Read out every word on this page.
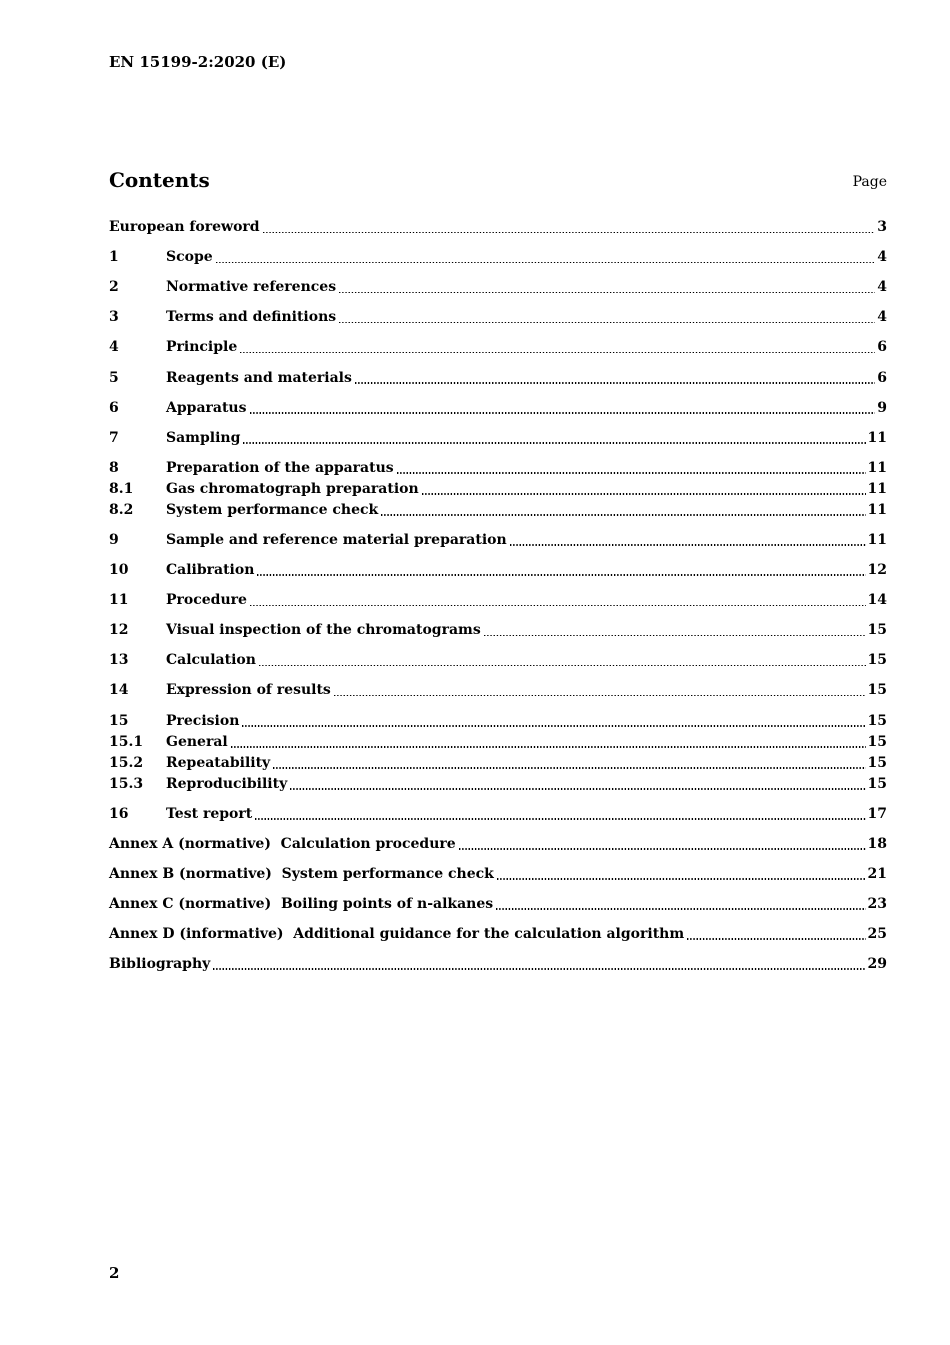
EN 15199-2:2020 (E)
Contents	Page
European foreword	3
1	Scope	4
2	Normative references	4
3	Terms and definitions	4
4	Principle	6
5	Reagents and materials	6
6	Apparatus	9
7	Sampling	11
8	Preparation of the apparatus	11
8.1	Gas chromatograph preparation	11
8.2	System performance check	11
9	Sample and reference material preparation	11
10	Calibration	12
11	Procedure	14
12	Visual inspection of the chromatograms	15
13	Calculation	15
14	Expression of results	15
15	Precision	15
15.1	General	15
15.2	Repeatability	15
15.3	Reproducibility	15
16	Test report	17
Annex A (normative)  Calculation procedure	18
Annex B (normative)  System performance check	21
Annex C (normative)  Boiling points of n-alkanes	23
Annex D (informative)  Additional guidance for the calculation algorithm	25
Bibliography	29
2
